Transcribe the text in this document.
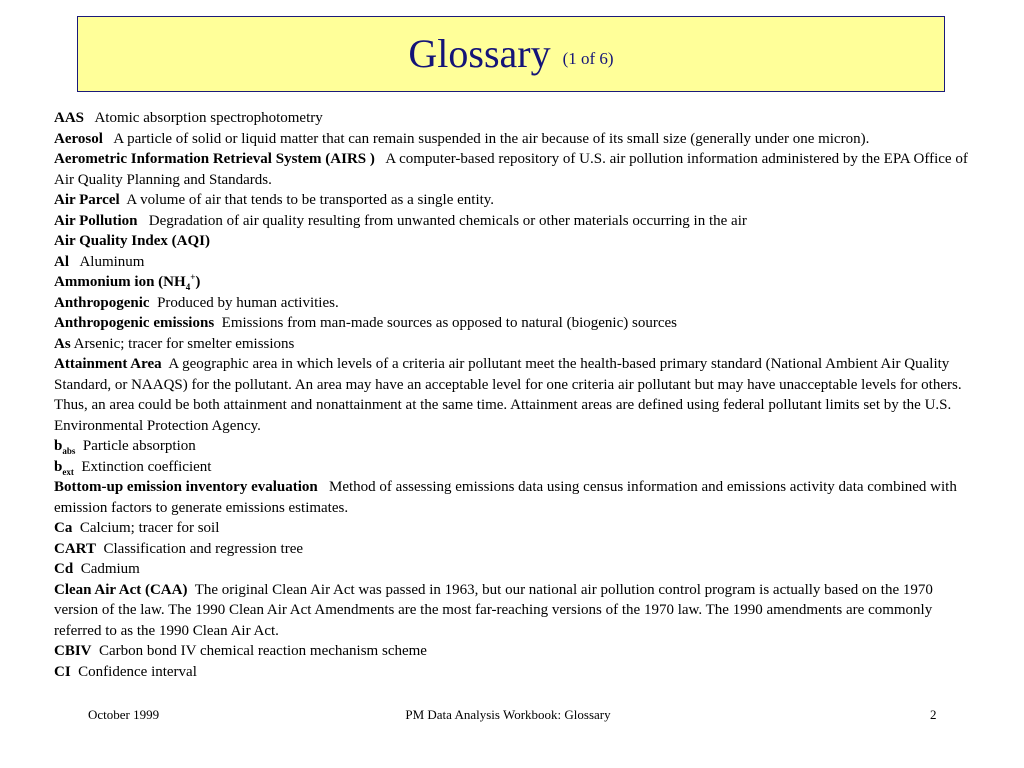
Glossary (1 of 6)

AAS Atomic absorption spectrophotometry

Aerosol A particle of solid or liquid matter that can remain suspended in the air because of its small size (generally under one micron).

Aerometric Information Retrieval System (AIRS ) A computer-based repository of U.S. air pollution information administered by the EPA Office of Air Quality Planning and Standards.

Air Parcel A volume of air that tends to be transported as a single entity.

Air Pollution Degradation of air quality resulting from unwanted chemicals or other materials occurring in the air

Air Quality Index (AQI)

Al Aluminum

Ammonium ion $(NH_4^+)$

Anthropogenic Produced by human activities.

Anthropogenic emissions Emissions from man-made sources as opposed to natural (biogenic) sources

As Arsenic; tracer for smelter emissions

Attainment Area A geographic area in which levels of a criteria air pollutant meet the health-based primary standard (National Ambient Air Quality Standard, or NAAQS) for the pollutant. An area may have an acceptable level for one criteria air pollutant but may have unacceptable levels for others. Thus, an area could be both attainment and nonattainment at the same time. Attainment areas are defined using federal pollutant limits set by the U.S. Environmental Protection Agency.

$b_{abs}$ Particle absorption

$b_{ext}$ Extinction coefficient

Bottom-up emission inventory evaluation Method of assessing emissions data using census information and emissions activity data combined with emission factors to generate emissions estimates.

Ca Calcium; tracer for soil

CART Classification and regression tree

Cd Cadmium

Clean Air Act (CAA) The original Clean Air Act was passed in 1963, but our national air pollution control program is actually based on the 1970 version of the law. The 1990 Clean Air Act Amendments are the most far-reaching versions of the 1970 law. The 1990 amendments are commonly referred to as the 1990 Clean Air Act.

CBIV Carbon bond IV chemical reaction mechanism scheme

CI Confidence interval

October 1999	PM Data Analysis Workbook: Glossary	2
